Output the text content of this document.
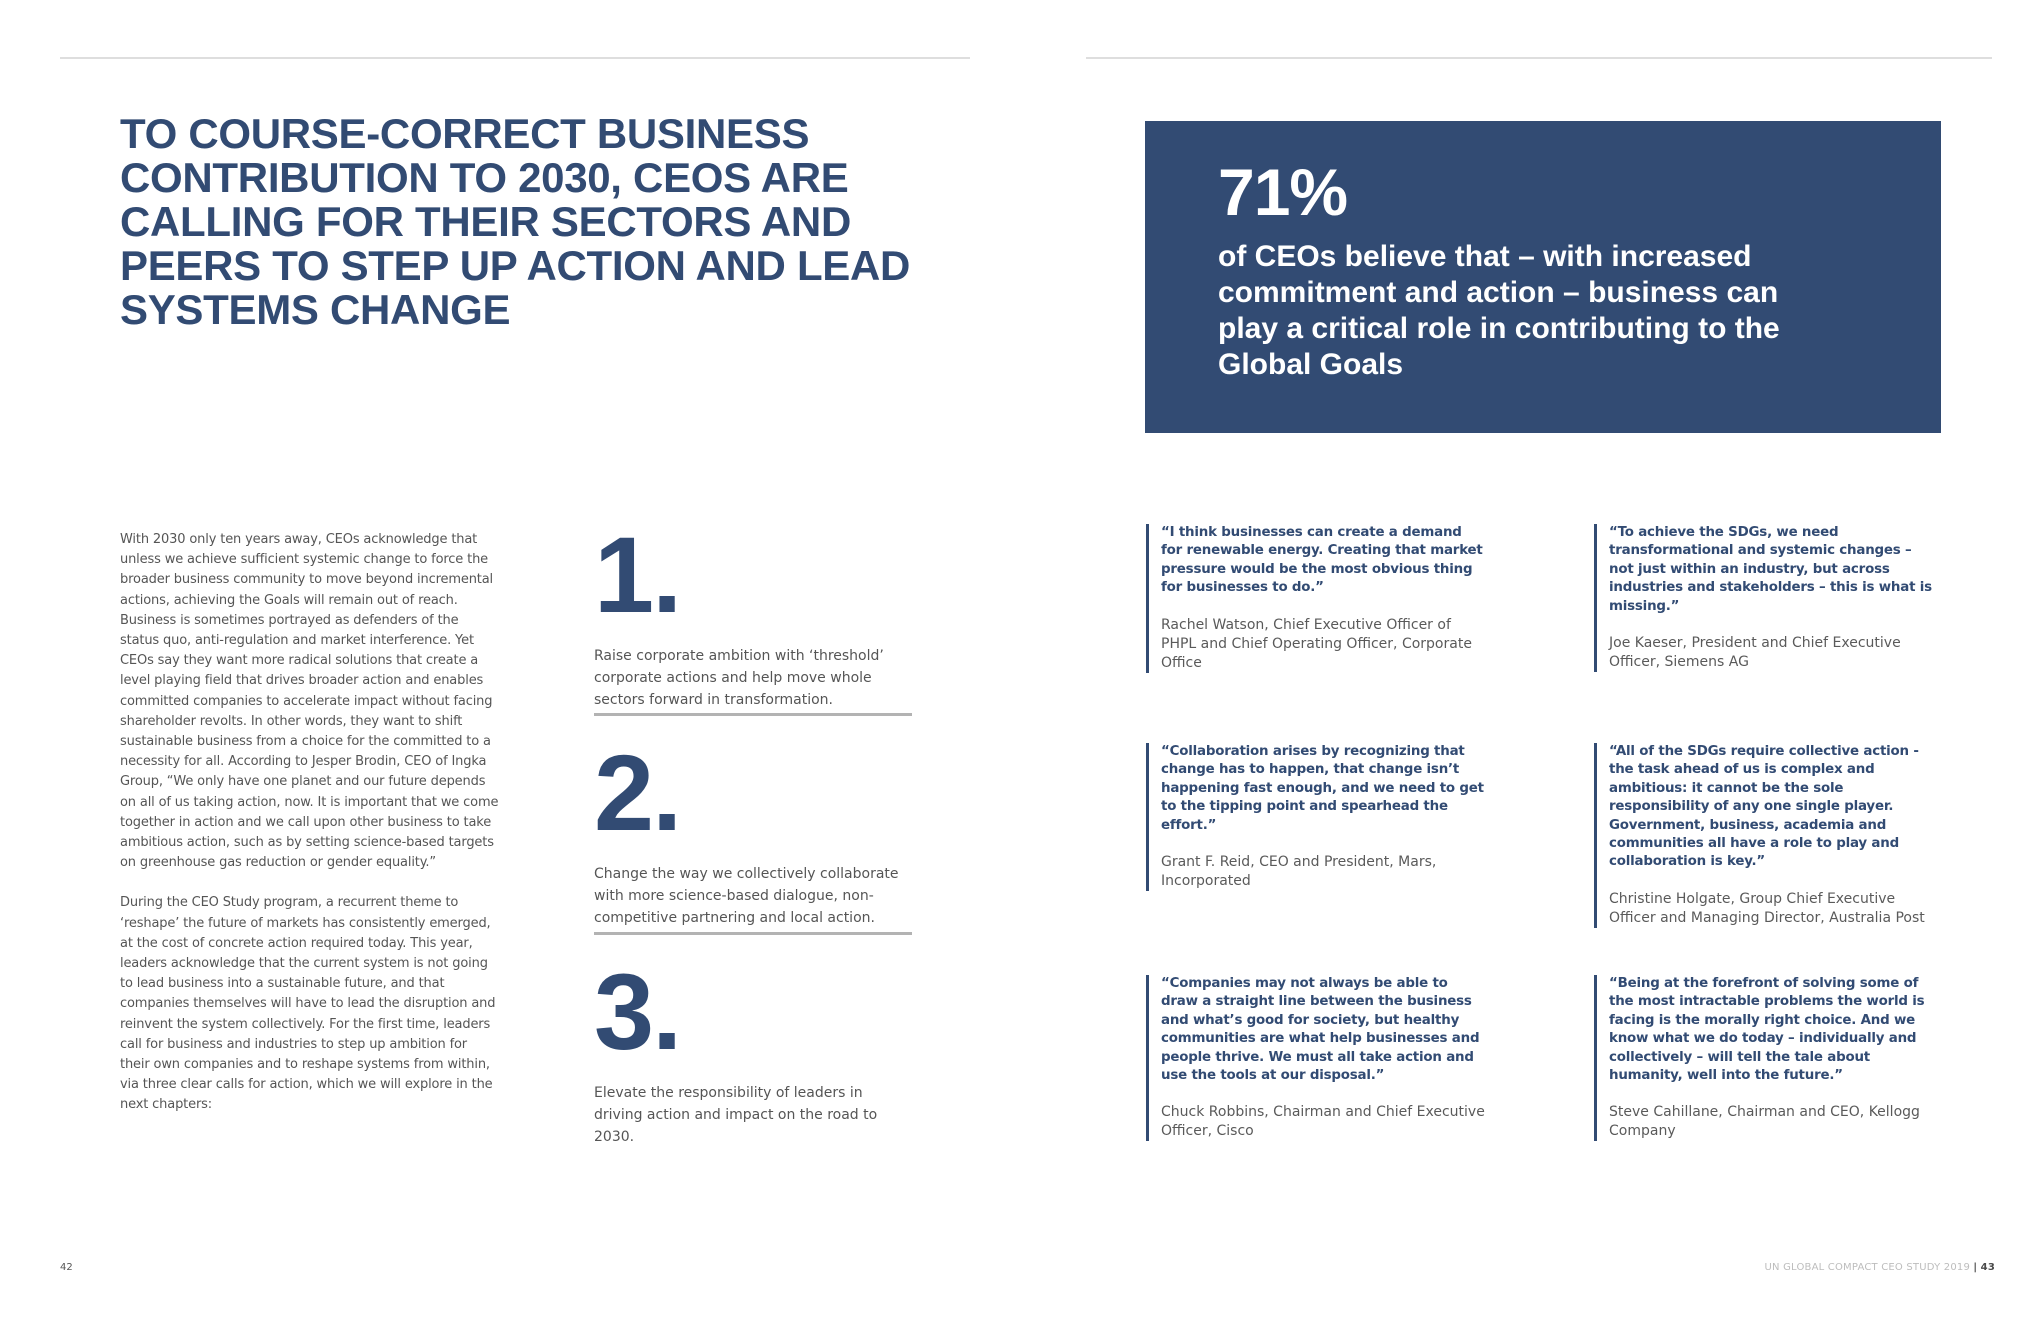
TO COURSE-CORRECT BUSINESS CONTRIBUTION TO 2030, CEOS ARE CALLING FOR THEIR SECTORS AND PEERS TO STEP UP ACTION AND LEAD SYSTEMS CHANGE
71%
of CEOs believe that – with increased commitment and action – business can play a critical role in contributing to the Global Goals

With 2030 only ten years away, CEOs acknowledge that unless we achieve sufficient systemic change to force the broader business community to move beyond incremental actions, achieving the Goals will remain out of reach. Business is sometimes portrayed as defenders of the status quo, anti-regulation and market interference. Yet CEOs say they want more radical solutions that create a level playing field that drives broader action and enables committed companies to accelerate impact without facing shareholder revolts. In other words, they want to shift sustainable business from a choice for the committed to a necessity for all. According to Jesper Brodin, CEO of Ingka Group, “We only have one planet and our future depends on all of us taking action, now. It is important that we come together in action and we call upon other business to take ambitious action, such as by setting science-based targets on greenhouse gas reduction or gender equality.”

During the CEO Study program, a recurrent theme to ‘reshape’ the future of markets has consistently emerged, at the cost of concrete action required today. This year, leaders acknowledge that the current system is not going to lead business into a sustainable future, and that companies themselves will have to lead the disruption and reinvent the system collectively. For the first time, leaders call for business and industries to step up ambition for their own companies and to reshape systems from within, via three clear calls for action, which we will explore in the next chapters:

1.
Raise corporate ambition with ‘threshold’ corporate actions and help move whole sectors forward in transformation.
2.
Change the way we collectively collaborate with more science-based dialogue, non-competitive partnering and local action.
3.
Elevate the responsibility of leaders in driving action and impact on the road to 2030.
“I think businesses can create a demand for renewable energy. Creating that market pressure would be the most obvious thing for businesses to do.”
Rachel Watson, Chief Executive Officer of PHPL and Chief Operating Officer, Corporate Office
“To achieve the SDGs, we need transformational and systemic changes – not just within an industry, but across industries and stakeholders – this is what is missing.”
Joe Kaeser, President and Chief Executive Officer, Siemens AG
“Collaboration arises by recognizing that change has to happen, that change isn’t happening fast enough, and we need to get to the tipping point and spearhead the effort.”
Grant F. Reid, CEO and President, Mars, Incorporated
“All of the SDGs require collective action - the task ahead of us is complex and ambitious: it cannot be the sole responsibility of any one single player. Government, business, academia and communities all have a role to play and collaboration is key.”
Christine Holgate, Group Chief Executive Officer and Managing Director, Australia Post
“Companies may not always be able to draw a straight line between the business and what’s good for society, but healthy communities are what help businesses and people thrive. We must all take action and use the tools at our disposal.”
Chuck Robbins, Chairman and Chief Executive Officer, Cisco
“Being at the forefront of solving some of the most intractable problems the world is facing is the morally right choice. And we know what we do today – individually and collectively – will tell the tale about humanity, well into the future.”
Steve Cahillane, Chairman and CEO, Kellogg Company
42	UN GLOBAL COMPACT CEO STUDY 2019 | 43
